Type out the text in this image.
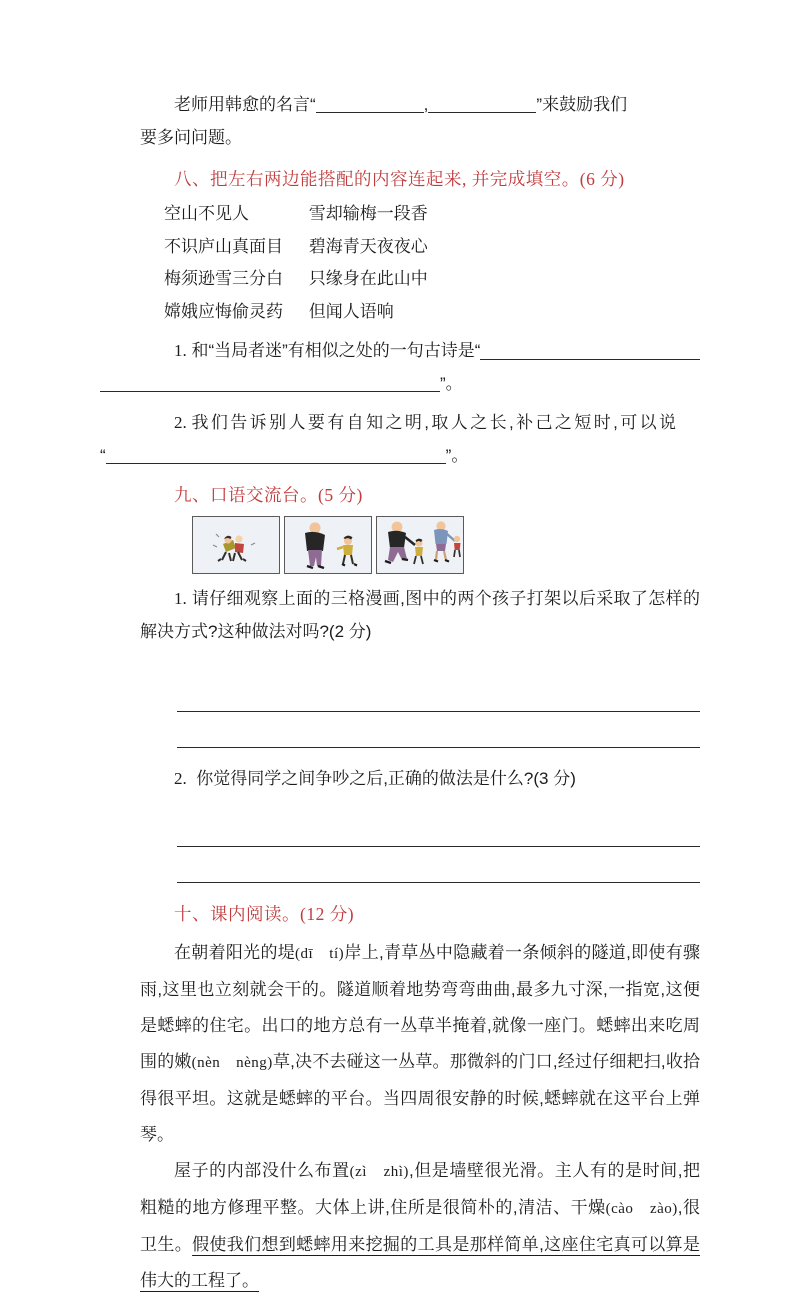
老师用韩愈的名言“	,	”来鼓励我们
要多问问题。
八、把左右两边能搭配的内容连起来, 并完成填空。(6 分)
空山不见人	雪却输梅一段香
不识庐山真面目 碧海青天夜夜心
梅须逊雪三分白 只缘身在此山中
嫦娥应悔偷灵药 但闻人语响
1. 和“当局者迷”有相似之处的一句古诗是“
”。
2. 我们告诉别人要有自知之明,取人之长,补己之短时,可以说
“	”。
九、口语交流台。(5 分)
1. 请仔细观察上面的三格漫画,图中的两个孩子打架以后采取了怎样的解决方式?这种做法对吗?(2 分)
2. 你觉得同学之间争吵之后,正确的做法是什么?(3 分)
十、课内阅读。(12 分)

在朝着阳光的堤(dī　tí)岸上,青草丛中隐藏着一条倾斜的隧道,即使有骤雨,这里也立刻就会干的。隧道顺着地势弯弯曲曲,最多九寸深,一指宽,这便是蟋蟀的住宅。出口的地方总有一丛草半掩着,就像一座门。蟋蟀出来吃周围的嫩(nèn　nèng)草,决不去碰这一丛草。那微斜的门口,经过仔细耙扫,收拾得很平坦。这就是蟋蟀的平台。当四周很安静的时候,蟋蟀就在这平台上弹琴。

屋子的内部没什么布置(zì　zhì),但是墙壁很光滑。主人有的是时间,把粗糙的地方修理平整。大体上讲,住所是很简朴的,清洁、干燥(cào　zào),很卫生。假使我们想到蟋蟀用来挖掘的工具是那样简单,这座住宅真可以算是伟大的工程了。
